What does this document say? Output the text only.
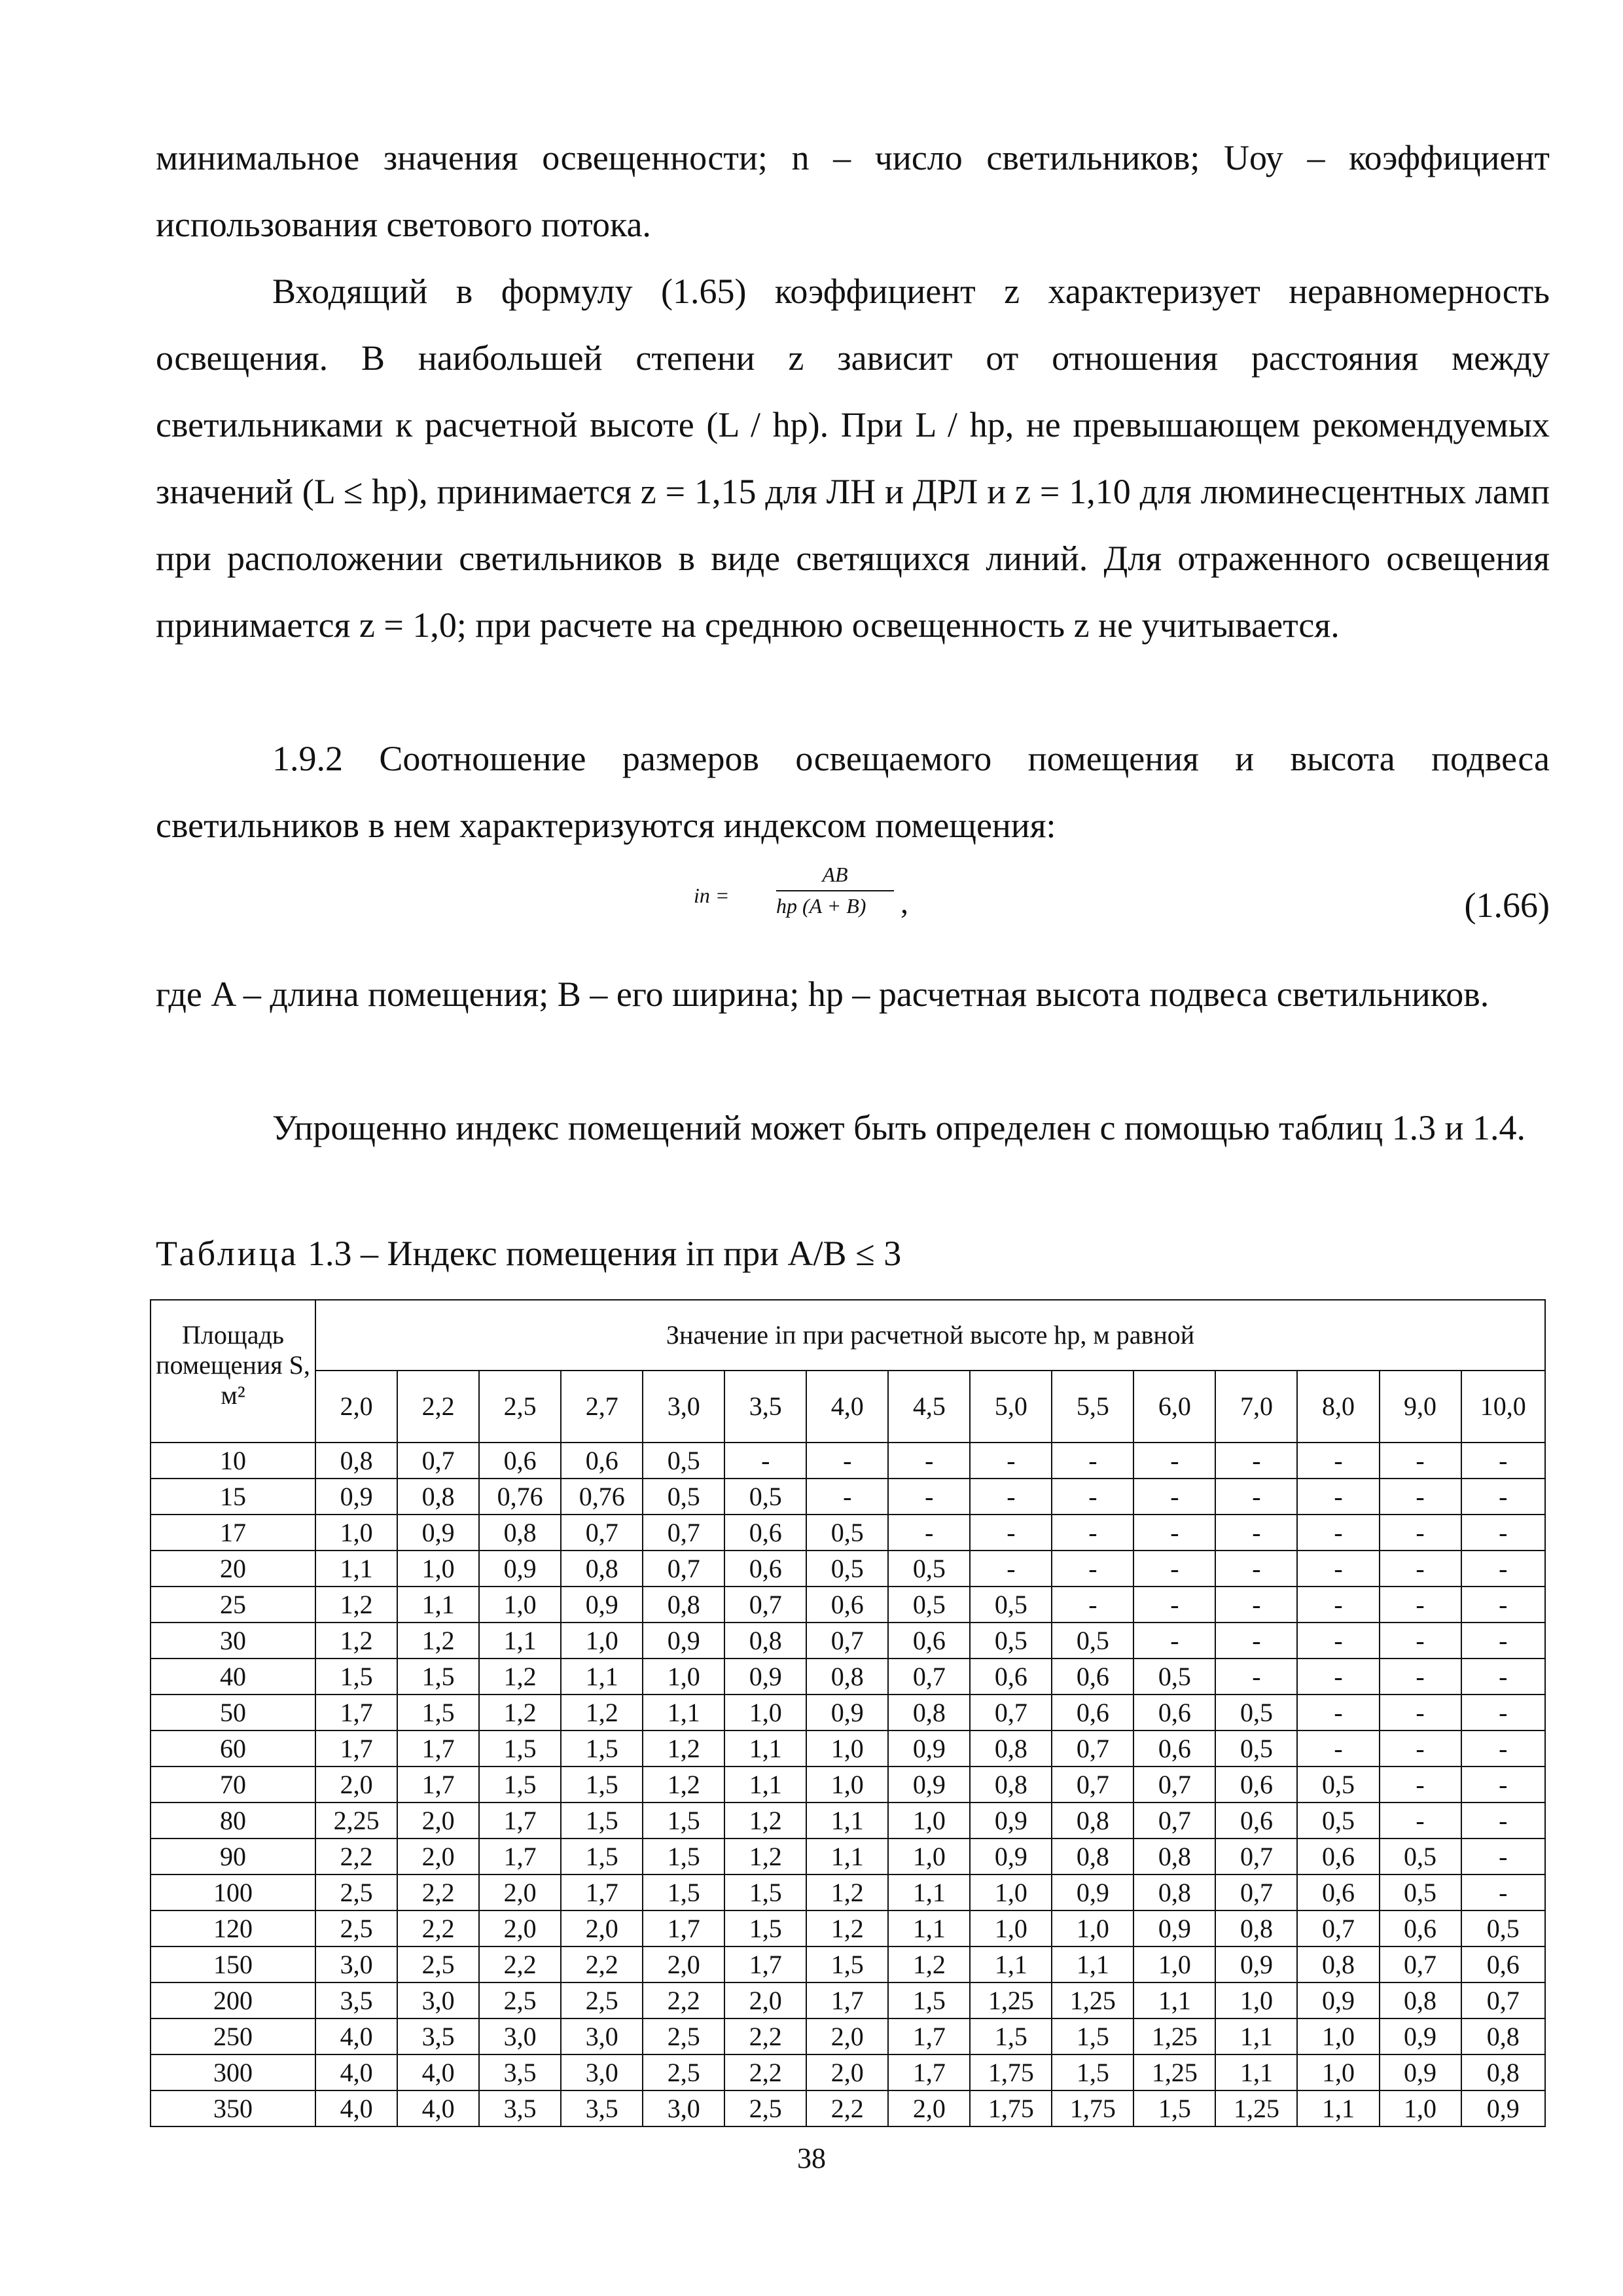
минимальное значения освещенности; n – число светильников; Uоу – коэффициент использования светового потока.

Входящий в формулу (1.65) коэффициент z характеризует неравномерность освещения. В наибольшей степени z зависит от отношения расстояния между светильниками к расчетной высоте (L / hp). При L / hp, не превышающем рекомендуемых значений (L ≤ hp), принимается z = 1,15 для ЛН и ДРЛ и z = 1,10 для люминесцентных ламп при расположении светильников в виде светящихся линий. Для отраженного освещения принимается z = 1,0; при расчете на среднюю освещенность z не учитывается.

1.9.2 Соотношение размеров освещаемого помещения и высота подвеса светильников в нем характеризуются индексом помещения:

iп =
AB
hp (A + B)	,	(1.66)

где A – длина помещения; B – его ширина; hp – расчетная высота подвеса светильников.

Упрощенно индекс помещений может быть определен с помощью таблиц 1.3 и 1.4.

Таблица 1.3 – Индекс помещения iп при A/B ≤ 3
Площадь помещения S, м²	Значение iп при расчетной высоте hp, м равной														
	2,0	2,2	2,5	2,7	3,0	3,5	4,0	4,5	5,0	5,5	6,0	7,0	8,0	9,0	10,0
10	0,8	0,7	0,6	0,6	0,5	-	-	-	-	-	-	-	-	-	-
15	0,9	0,8	0,76	0,76	0,5	0,5	-	-	-	-	-	-	-	-	-
17	1,0	0,9	0,8	0,7	0,7	0,6	0,5	-	-	-	-	-	-	-	-
20	1,1	1,0	0,9	0,8	0,7	0,6	0,5	0,5	-	-	-	-	-	-	-
25	1,2	1,1	1,0	0,9	0,8	0,7	0,6	0,5	0,5	-	-	-	-	-	-
30	1,2	1,2	1,1	1,0	0,9	0,8	0,7	0,6	0,5	0,5	-	-	-	-	-
40	1,5	1,5	1,2	1,1	1,0	0,9	0,8	0,7	0,6	0,6	0,5	-	-	-	-
50	1,7	1,5	1,2	1,2	1,1	1,0	0,9	0,8	0,7	0,6	0,6	0,5	-	-	-
60	1,7	1,7	1,5	1,5	1,2	1,1	1,0	0,9	0,8	0,7	0,6	0,5	-	-	-
70	2,0	1,7	1,5	1,5	1,2	1,1	1,0	0,9	0,8	0,7	0,7	0,6	0,5	-	-
80	2,25	2,0	1,7	1,5	1,5	1,2	1,1	1,0	0,9	0,8	0,7	0,6	0,5	-	-
90	2,2	2,0	1,7	1,5	1,5	1,2	1,1	1,0	0,9	0,8	0,8	0,7	0,6	0,5	-
100	2,5	2,2	2,0	1,7	1,5	1,5	1,2	1,1	1,0	0,9	0,8	0,7	0,6	0,5	-
120	2,5	2,2	2,0	2,0	1,7	1,5	1,2	1,1	1,0	1,0	0,9	0,8	0,7	0,6	0,5
150	3,0	2,5	2,2	2,2	2,0	1,7	1,5	1,2	1,1	1,1	1,0	0,9	0,8	0,7	0,6
200	3,5	3,0	2,5	2,5	2,2	2,0	1,7	1,5	1,25	1,25	1,1	1,0	0,9	0,8	0,7
250	4,0	3,5	3,0	3,0	2,5	2,2	2,0	1,7	1,5	1,5	1,25	1,1	1,0	0,9	0,8
300	4,0	4,0	3,5	3,0	2,5	2,2	2,0	1,7	1,75	1,5	1,25	1,1	1,0	0,9	0,8
350	4,0	4,0	3,5	3,5	3,0	2,5	2,2	2,0	1,75	1,75	1,5	1,25	1,1	1,0	0,9
38
